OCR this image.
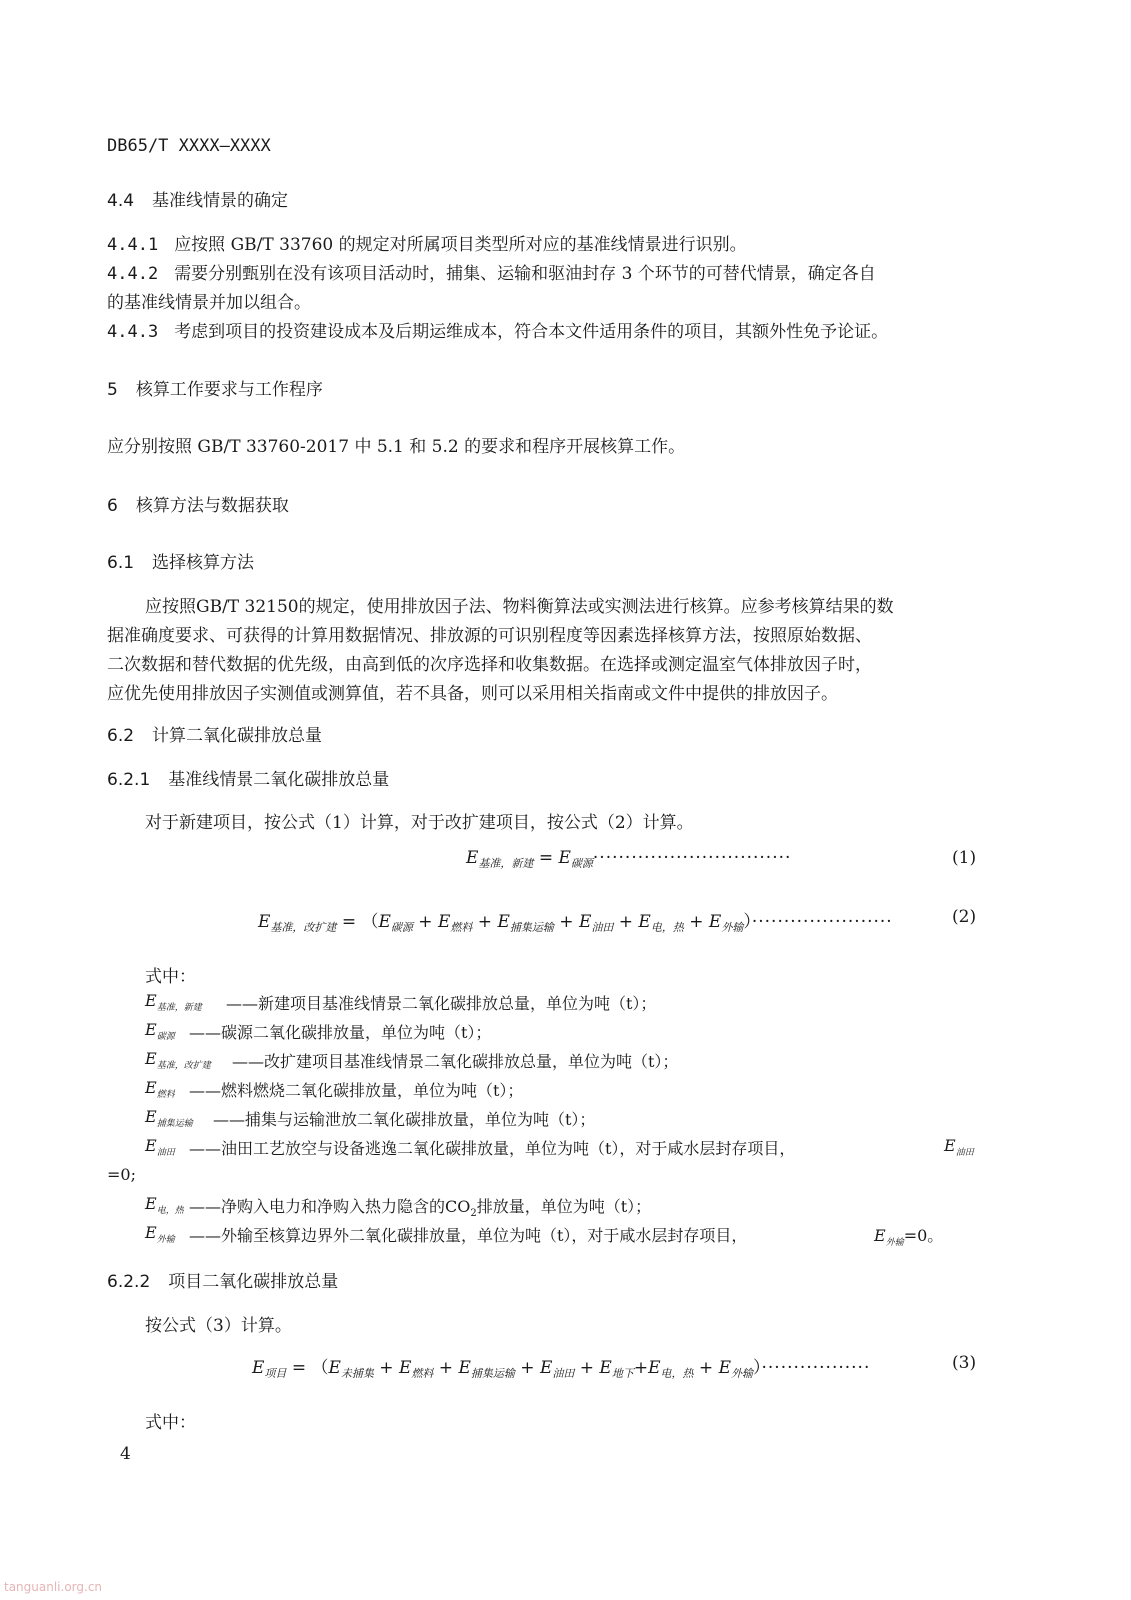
DB65/T XXXX—XXXX
4.4 基准线情景的确定
4.4.1 应按照 GB/T 33760 的规定对所属项目类型所对应的基准线情景进行识别。
4.4.2 需要分别甄别在没有该项目活动时，捕集、运输和驱油封存 3 个环节的可替代情景，确定各自
的基准线情景并加以组合。
4.4.3 考虑到项目的投资建设成本及后期运维成本，符合本文件适用条件的项目，其额外性免予论证。
5 核算工作要求与工作程序
应分别按照 GB/T 33760-2017 中 5.1 和 5.2 的要求和程序开展核算工作。
6 核算方法与数据获取
6.1 选择核算方法
应按照GB/T 32150的规定，使用排放因子法、物料衡算法或实测法进行核算。应参考核算结果的数
据准确度要求、可获得的计算用数据情况、排放源的可识别程度等因素选择核算方法，按照原始数据、
二次数据和替代数据的优先级，由高到低的次序选择和收集数据。在选择或测定温室气体排放因子时，
应优先使用排放因子实测值或测算值，若不具备，则可以采用相关指南或文件中提供的排放因子。
6.2 计算二氧化碳排放总量
6.2.1 基准线情景二氧化碳排放总量
对于新建项目，按公式（1）计算，对于改扩建项目，按公式（2）计算。
$E_{基准,新建} = E_{碳源}\cdot\cdot\cdot\cdot\cdot\cdot\cdot\cdot\cdot\cdot\cdot\cdot\cdot\cdot\cdot\cdot\cdot\cdot\cdot\cdot\cdot\cdot\cdot\cdot\cdot\cdot\cdot\cdot\cdot\cdot\cdot$	(1)
$E_{基准,改扩建} = (E_{碳源} + E_{燃料} + E_{捕集运输} + E_{油田} + E_{电,热} + E_{外输})\cdot\cdot\cdot\cdot\cdot\cdot\cdot\cdot\cdot\cdot\cdot\cdot\cdot\cdot\cdot\cdot\cdot\cdot\cdot\cdot\cdot\cdot$	(2)
式中：
$E_{基准,新建}$ ——新建项目基准线情景二氧化碳排放总量，单位为吨（t）；
$E_{碳源}$ ——碳源二氧化碳排放量，单位为吨（t）；
$E_{基准,改扩建}$ ——改扩建项目基准线情景二氧化碳排放总量，单位为吨（t）；
$E_{燃料}$ ——燃料燃烧二氧化碳排放量，单位为吨（t）；
$E_{捕集运输}$ ——捕集与运输泄放二氧化碳排放量，单位为吨（t）；
$E_{油田}$ ——油田工艺放空与设备逃逸二氧化碳排放量，单位为吨（t），对于咸水层封存项目，	$E_{油田}$
=0;
$E_{电,热}$ ——净购入电力和净购入热力隐含的$CO_2$排放量，单位为吨（t）；
$E_{外输}$ ——外输至核算边界外二氧化碳排放量，单位为吨（t），对于咸水层封存项目，	$E_{外输}=0$。
6.2.2 项目二氧化碳排放总量
按公式（3）计算。
$E_{项目} = (E_{未捕集} + E_{燃料} + E_{捕集运输} + E_{油田} + E_{地下}+E_{电,热} + E_{外输})\cdot\cdot\cdot\cdot\cdot\cdot\cdot\cdot\cdot\cdot\cdot\cdot\cdot\cdot\cdot\cdot\cdot$	(3)
式中：
4
tanguanli.org.cn
